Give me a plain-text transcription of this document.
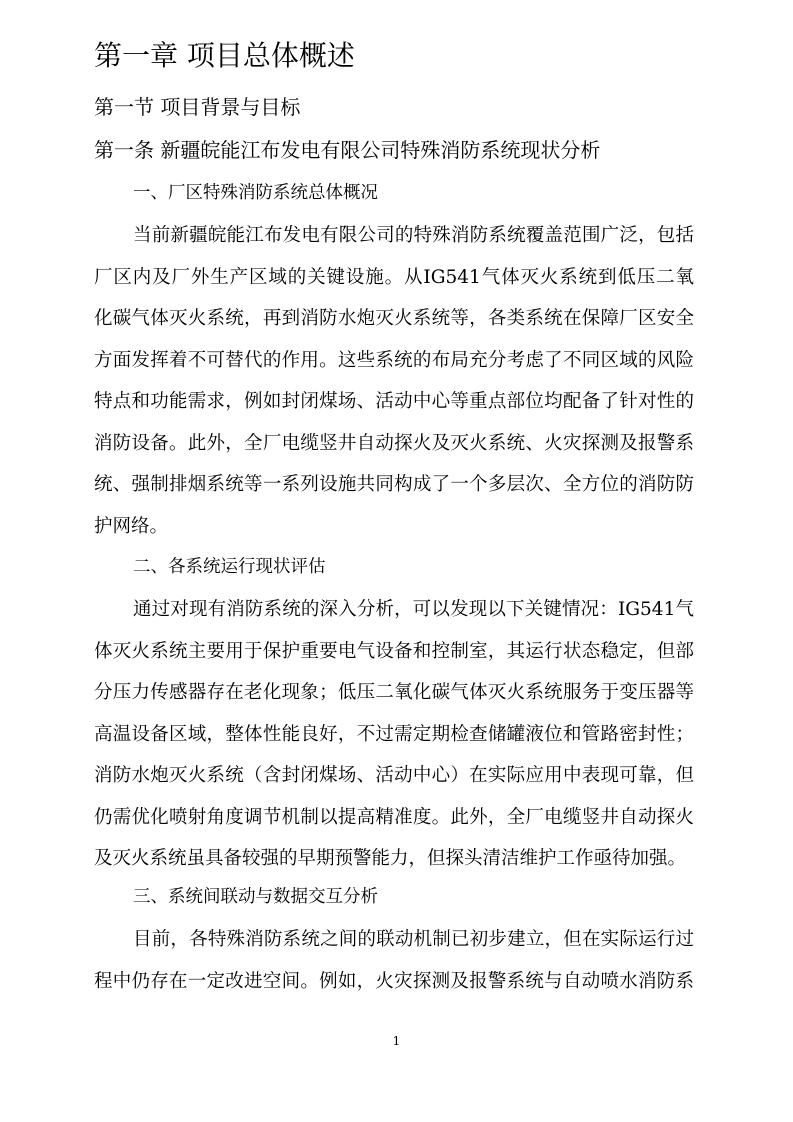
第一章 项目总体概述
第一节 项目背景与目标
第一条 新疆皖能江布发电有限公司特殊消防系统现状分析
一、厂区特殊消防系统总体概况
当前新疆皖能江布发电有限公司的特殊消防系统覆盖范围广泛，包括
厂区内及厂外生产区域的关键设施。从IG541气体灭火系统到低压二氧
化碳气体灭火系统，再到消防水炮灭火系统等，各类系统在保障厂区安全
方面发挥着不可替代的作用。这些系统的布局充分考虑了不同区域的风险
特点和功能需求，例如封闭煤场、活动中心等重点部位均配备了针对性的
消防设备。此外，全厂电缆竖井自动探火及灭火系统、火灾探测及报警系
统、强制排烟系统等一系列设施共同构成了一个多层次、全方位的消防防
护网络。
二、各系统运行现状评估
通过对现有消防系统的深入分析，可以发现以下关键情况：IG541气
体灭火系统主要用于保护重要电气设备和控制室，其运行状态稳定，但部
分压力传感器存在老化现象；低压二氧化碳气体灭火系统服务于变压器等
高温设备区域，整体性能良好，不过需定期检查储罐液位和管路密封性；
消防水炮灭火系统（含封闭煤场、活动中心）在实际应用中表现可靠，但
仍需优化喷射角度调节机制以提高精准度。此外，全厂电缆竖井自动探火
及灭火系统虽具备较强的早期预警能力，但探头清洁维护工作亟待加强。
三、系统间联动与数据交互分析
目前，各特殊消防系统之间的联动机制已初步建立，但在实际运行过
程中仍存在一定改进空间。例如，火灾探测及报警系统与自动喷水消防系
1
